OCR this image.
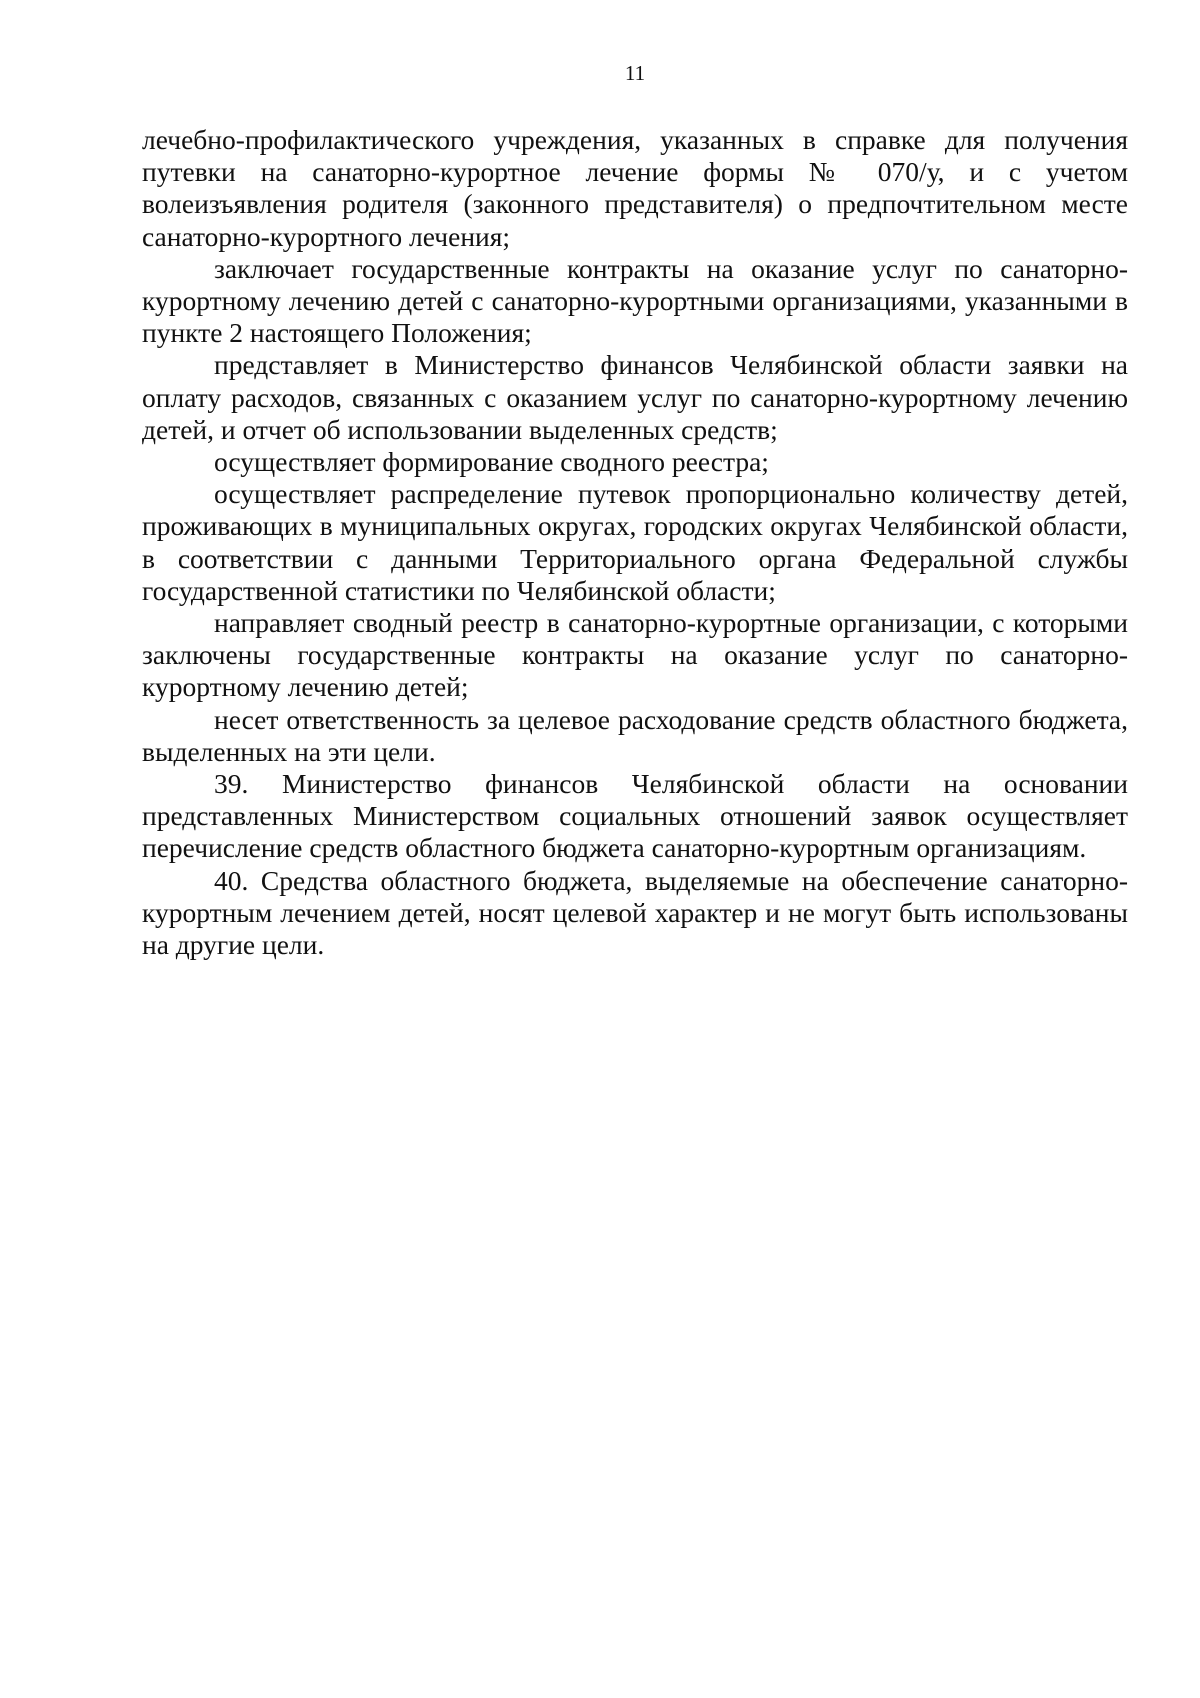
11

лечебно-профилактического учреждения, указанных в справке для получения путевки на санаторно-курортное лечение формы № 070/у, и с учетом волеизъявления родителя (законного представителя) о предпочтительном месте санаторно-курортного лечения;

заключает государственные контракты на оказание услуг по санаторно-курортному лечению детей с санаторно-курортными организациями, указанными в пункте 2 настоящего Положения;

представляет в Министерство финансов Челябинской области заявки на оплату расходов, связанных с оказанием услуг по санаторно-курортному лечению детей, и отчет об использовании выделенных средств;

осуществляет формирование сводного реестра;

осуществляет распределение путевок пропорционально количеству детей, проживающих в муниципальных округах, городских округах Челябинской области, в соответствии с данными Территориального органа Федеральной службы государственной статистики по Челябинской области;

направляет сводный реестр в санаторно-курортные организации, с которыми заключены государственные контракты на оказание услуг по санаторно-курортному лечению детей;

несет ответственность за целевое расходование средств областного бюджета, выделенных на эти цели.

39. Министерство финансов Челябинской области на основании представленных Министерством социальных отношений заявок осуществляет перечисление средств областного бюджета санаторно-курортным организациям.

40. Средства областного бюджета, выделяемые на обеспечение санаторно-курортным лечением детей, носят целевой характер и не могут быть использованы на другие цели.
